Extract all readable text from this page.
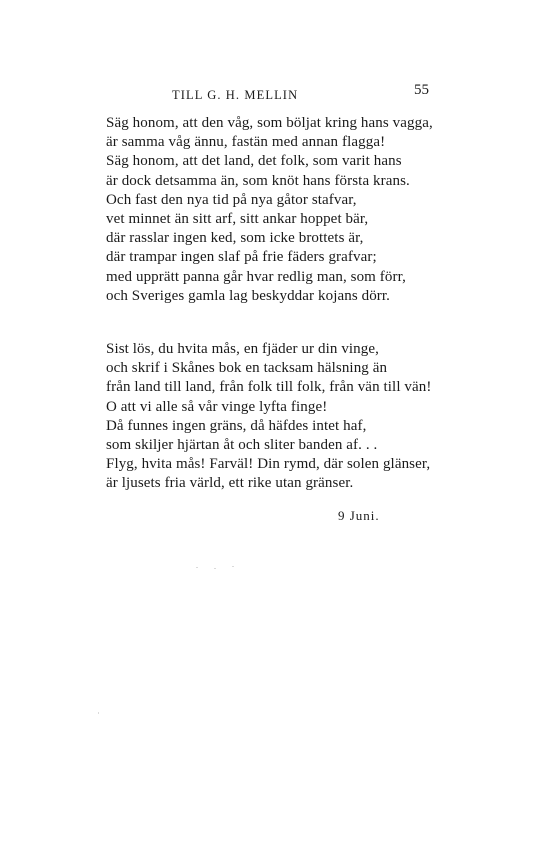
TILL G. H. MELLIN	55
Säg honom, att den våg, som böljat kring hans vagga,
är samma våg ännu, fastän med annan flagga!
Säg honom, att det land, det folk, som varit hans
är dock detsamma än, som knöt hans första krans.
Och fast den nya tid på nya gåtor stafvar,
vet minnet än sitt arf, sitt ankar hoppet bär,
där rasslar ingen ked, som icke brottets är,
där trampar ingen slaf på frie fäders grafvar;
med upprätt panna går hvar redlig man, som förr,
och Sveriges gamla lag beskyddar kojans dörr.
Sist lös, du hvita mås, en fjäder ur din vinge,
och skrif i Skånes bok en tacksam hälsning än
från land till land, från folk till folk, från vän till vän!
O att vi alle så vår vinge lyfta finge!
Då funnes ingen gräns, då häfdes intet haf,
som skiljer hjärtan åt och sliter banden af. . .
Flyg, hvita mås! Farväl! Din rymd, där solen glänser,
är ljusets fria värld, ett rike utan gränser.
9 Juni.
